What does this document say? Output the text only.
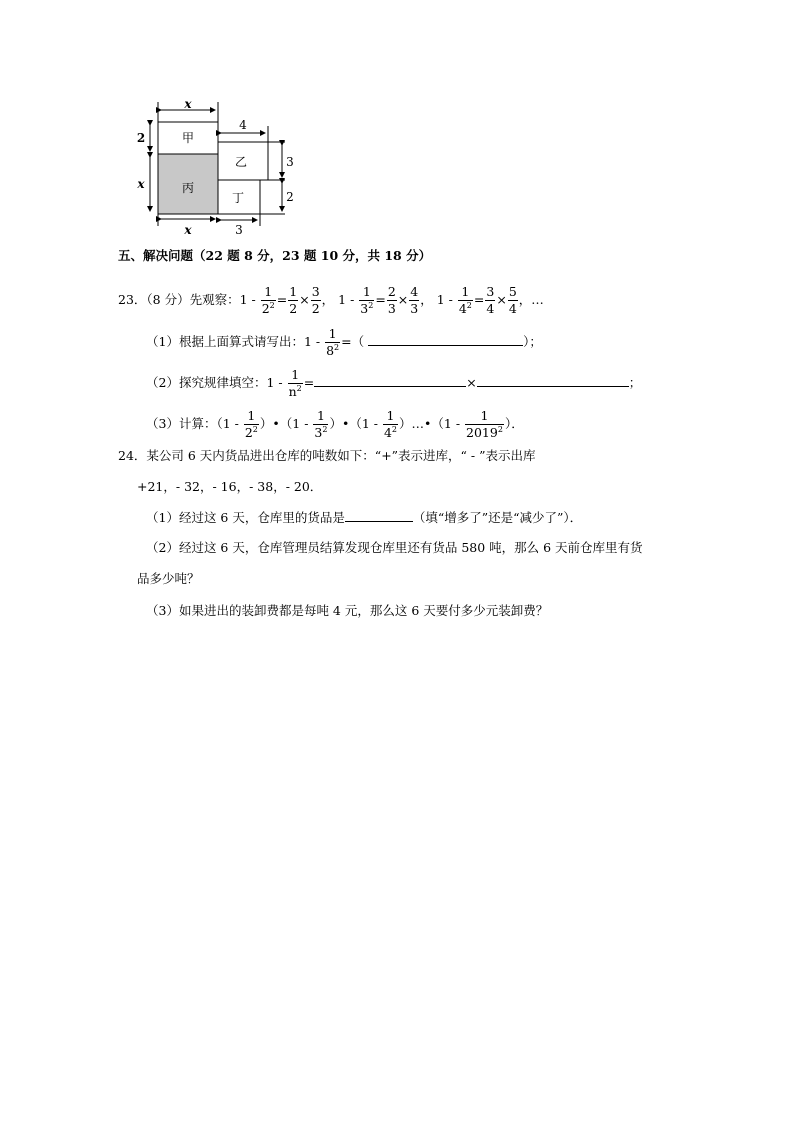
x
2
x
x
4
3
2
3
甲
丙
乙
丁
五、解决问题（22 题 8 分，23 题 10 分，共 18 分）
23．（8 分）先观察：$1 - \frac{1}{2^2} = \frac{1}{2} \times \frac{3}{2}$ ， $1 - \frac{1}{3^2} = \frac{2}{3} \times \frac{4}{3}$ ， $1 - \frac{1}{4^2} = \frac{3}{4} \times \frac{5}{4}$ ，…
（1）根据上面算式请写出：$1 - \frac{1}{8^2}$ =（	）；
（2）探究规律填空：$1 - \frac{1}{n^2}$ =	×	；
（3）计算：（$1 - \frac{1}{2^2}$ ）•（1 - $\frac{1}{3^2}$ ）•（1 - $\frac{1}{4^2}$ ）…•（1 - $\frac{1}{2019^2}$ ）．
24．某公司 6 天内货品进出仓库的吨数如下：“+”表示进库，“ - ”表示出库
+21，- 32，- 16，- 38，- 20．
（1）经过这 6 天，仓库里的货品是	（填“增多了”还是“减少了”）．
（2）经过这 6 天，仓库管理员结算发现仓库里还有货品 580 吨，那么 6 天前仓库里有货
品多少吨？
（3）如果进出的装卸费都是每吨 4 元，那么这 6 天要付多少元装卸费？
